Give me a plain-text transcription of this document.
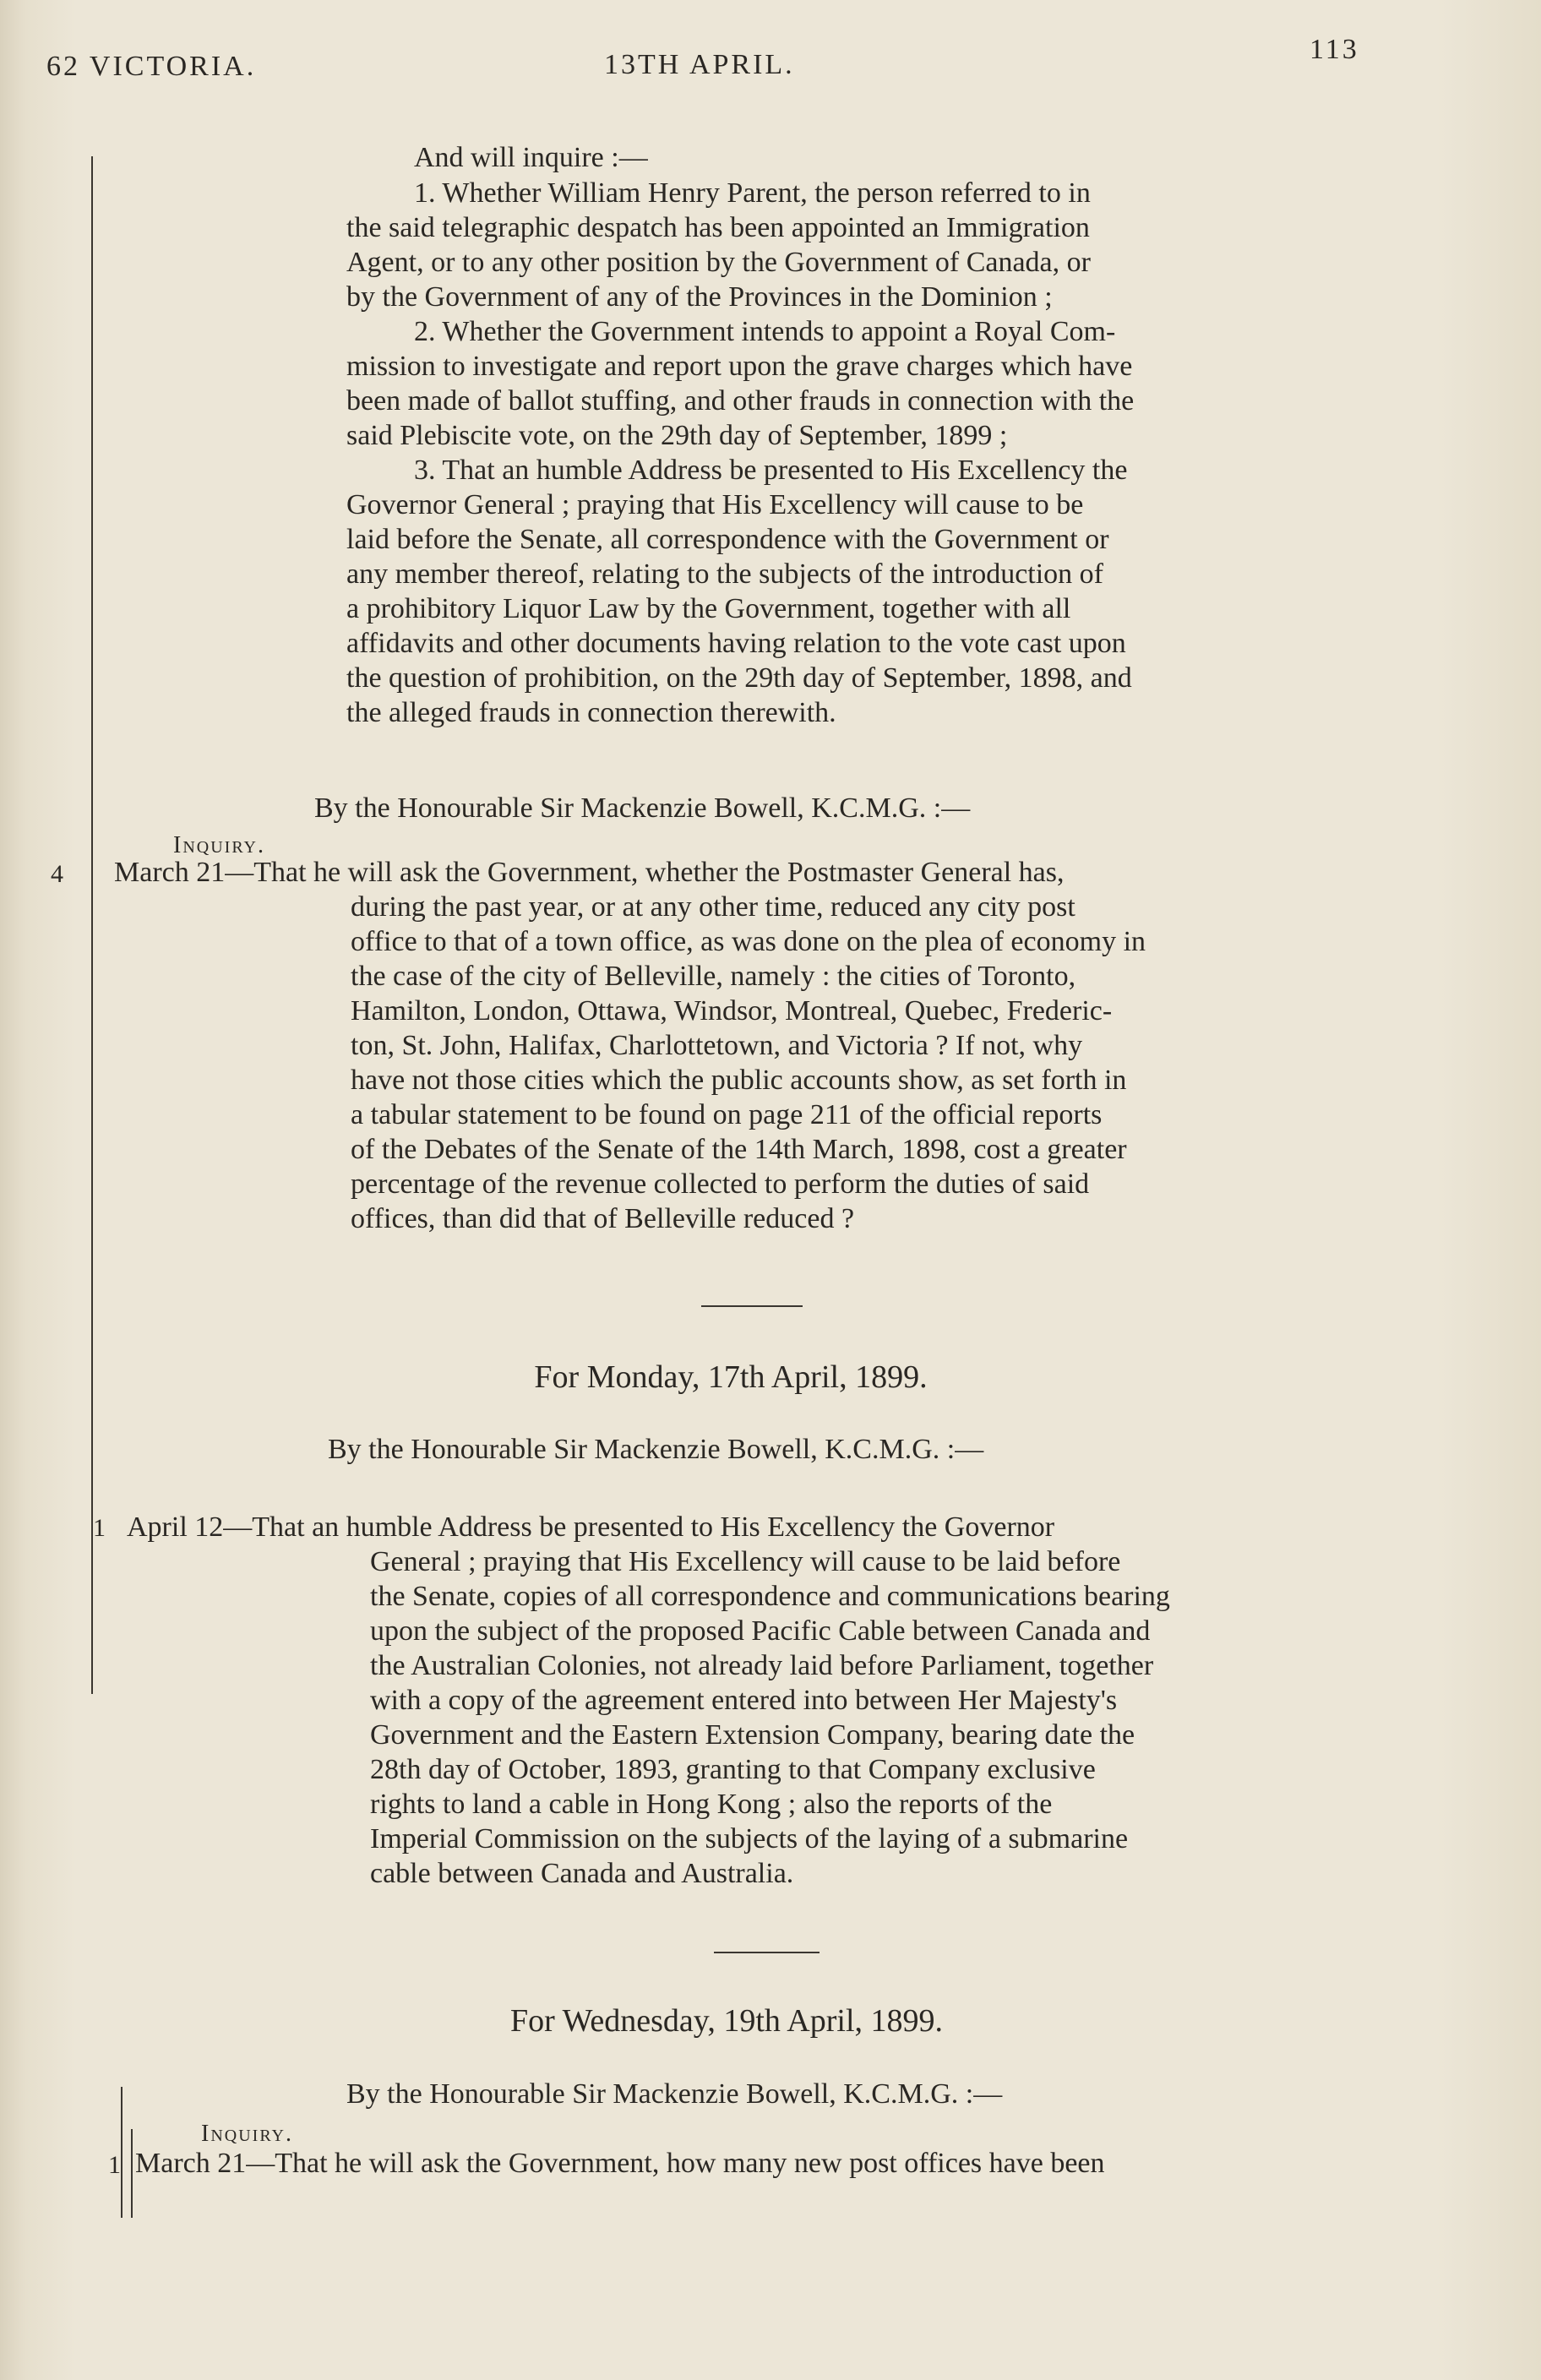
62 VICTORIA.	13TH APRIL.	113
And will inquire :—
1. Whether William Henry Parent, the person referred to in
the said telegraphic despatch has been appointed an Immigration
Agent, or to any other position by the Government of Canada, or
by the Government of any of the Provinces in the Dominion ;
2. Whether the Government intends to appoint a Royal Com-
mission to investigate and report upon the grave charges which have
been made of ballot stuffing, and other frauds in connection with the
said Plebiscite vote, on the 29th day of September, 1899 ;
3. That an humble Address be presented to His Excellency the
Governor General ; praying that His Excellency will cause to be
laid before the Senate, all correspondence with the Government or
any member thereof, relating to the subjects of the introduction of
a prohibitory Liquor Law by the Government, together with all
affidavits and other documents having relation to the vote cast upon
the question of prohibition, on the 29th day of September, 1898, and
the alleged frauds in connection therewith.
By the Honourable Sir Mackenzie Bowell, K.C.M.G. :—
Inquiry.
4 March 21—That he will ask the Government, whether the Postmaster General has,
during the past year, or at any other time, reduced any city post
office to that of a town office, as was done on the plea of economy in
the case of the city of Belleville, namely : the cities of Toronto,
Hamilton, London, Ottawa, Windsor, Montreal, Quebec, Frederic-
ton, St. John, Halifax, Charlottetown, and Victoria ? If not, why
have not those cities which the public accounts show, as set forth in
a tabular statement to be found on page 211 of the official reports
of the Debates of the Senate of the 14th March, 1898, cost a greater
percentage of the revenue collected to perform the duties of said
offices, than did that of Belleville reduced ?
For Monday, 17th April, 1899.
By the Honourable Sir Mackenzie Bowell, K.C.M.G. :—
1 April 12—That an humble Address be presented to His Excellency the Governor
General ; praying that His Excellency will cause to be laid before
the Senate, copies of all correspondence and communications bearing
upon the subject of the proposed Pacific Cable between Canada and
the Australian Colonies, not already laid before Parliament, together
with a copy of the agreement entered into between Her Majesty's
Government and the Eastern Extension Company, bearing date the
28th day of October, 1893, granting to that Company exclusive
rights to land a cable in Hong Kong ; also the reports of the
Imperial Commission on the subjects of the laying of a submarine
cable between Canada and Australia.
For Wednesday, 19th April, 1899.
By the Honourable Sir Mackenzie Bowell, K.C.M.G. :—
Inquiry.
1 March 21—That he will ask the Government, how many new post offices have been
